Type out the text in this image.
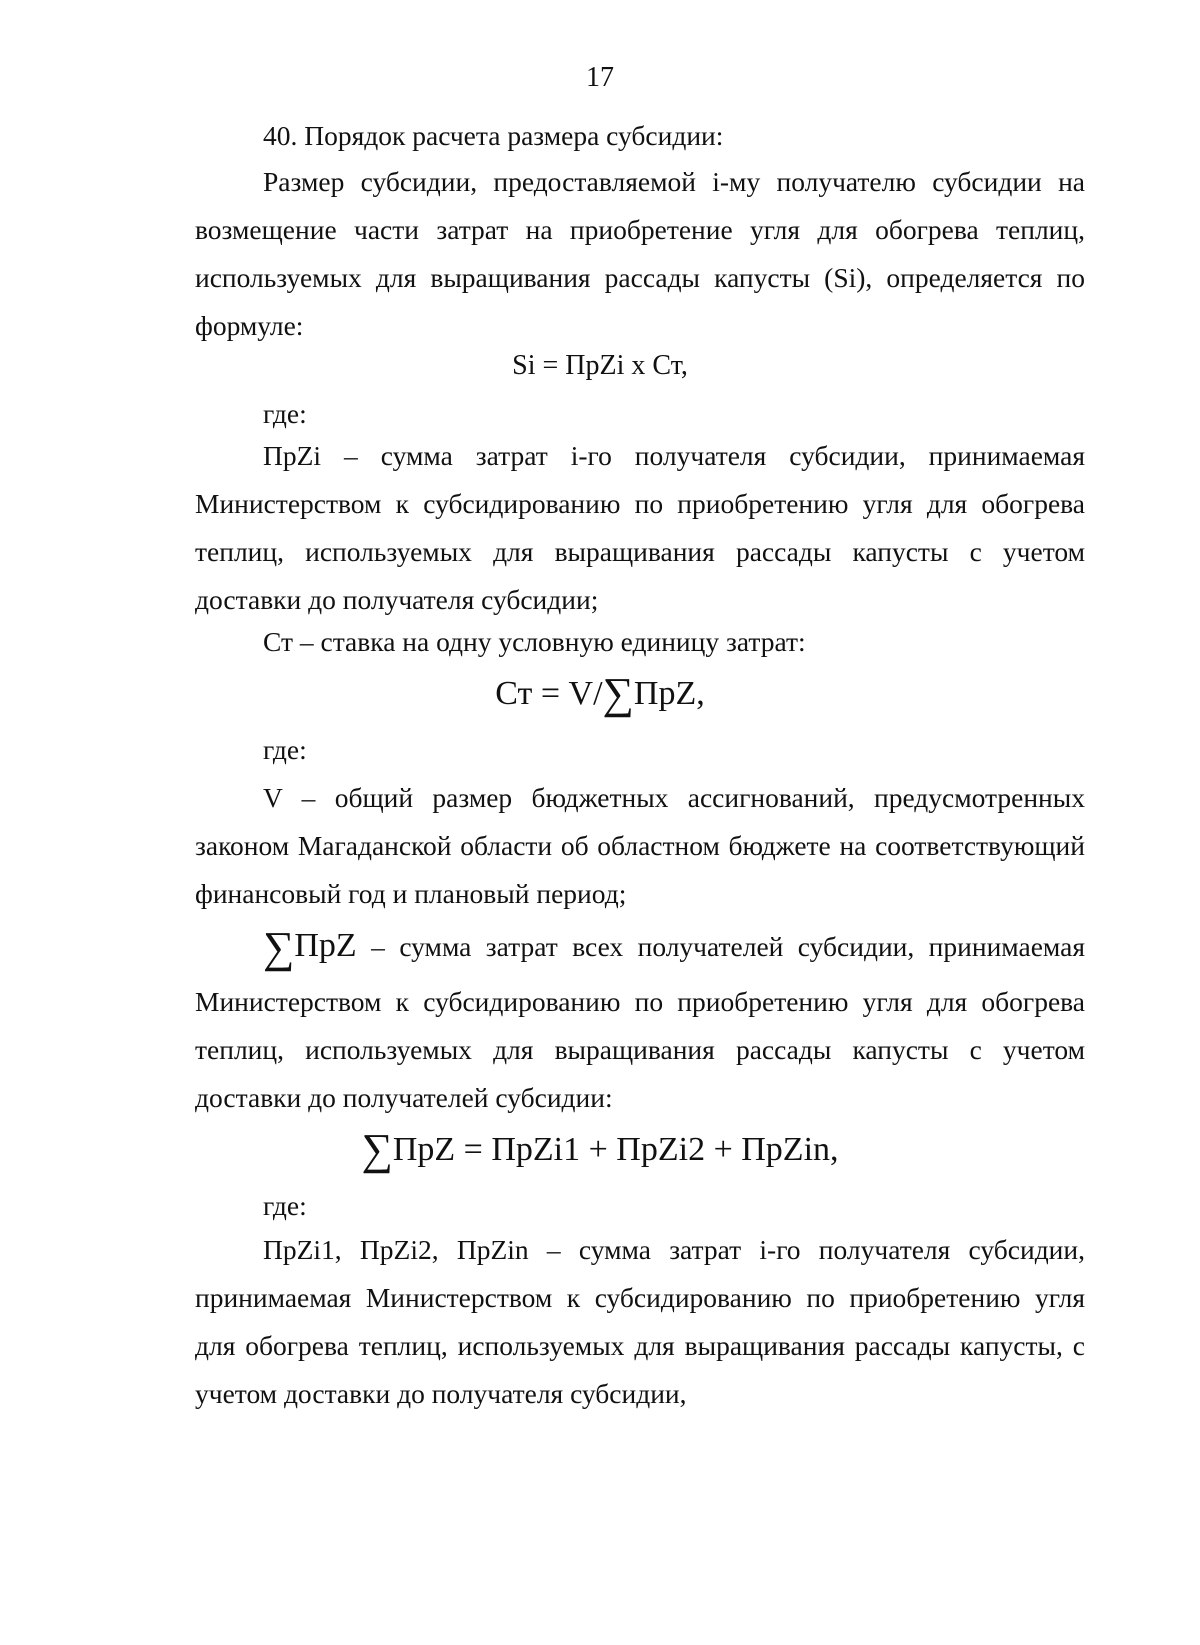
17
40. Порядок расчета размера субсидии:
Размер субсидии, предоставляемой i-му получателю субсидии на возмещение части затрат на приобретение угля для обогрева теплиц, используемых для выращивания рассады капусты (Si), определяется по формуле:
Si = ПрZi x Ст,
где:
ПрZi – сумма затрат i-го получателя субсидии, принимаемая Министерством к субсидированию по приобретению угля для обогрева теплиц, используемых для выращивания рассады капусты с учетом доставки до получателя субсидии;
Ст – ставка на одну условную единицу затрат:
Ст = V/∑ПрZ,
где:
V – общий размер бюджетных ассигнований, предусмотренных законом Магаданской области об областном бюджете на соответствующий финансовый год и плановый период;
∑ПрZ – сумма затрат всех получателей субсидии, принимаемая
Министерством к субсидированию по приобретению угля для обогрева теплиц, используемых для выращивания рассады капусты с учетом доставки до получателей субсидии:
∑ПрZ = ПрZi1 + ПрZi2 + ПрZin,
где:
ПрZi1, ПрZi2, ПрZin – сумма затрат i-го получателя субсидии, принимаемая Министерством к субсидированию по приобретению угля для обогрева теплиц, используемых для выращивания рассады капусты, с учетом доставки до получателя субсидии,
